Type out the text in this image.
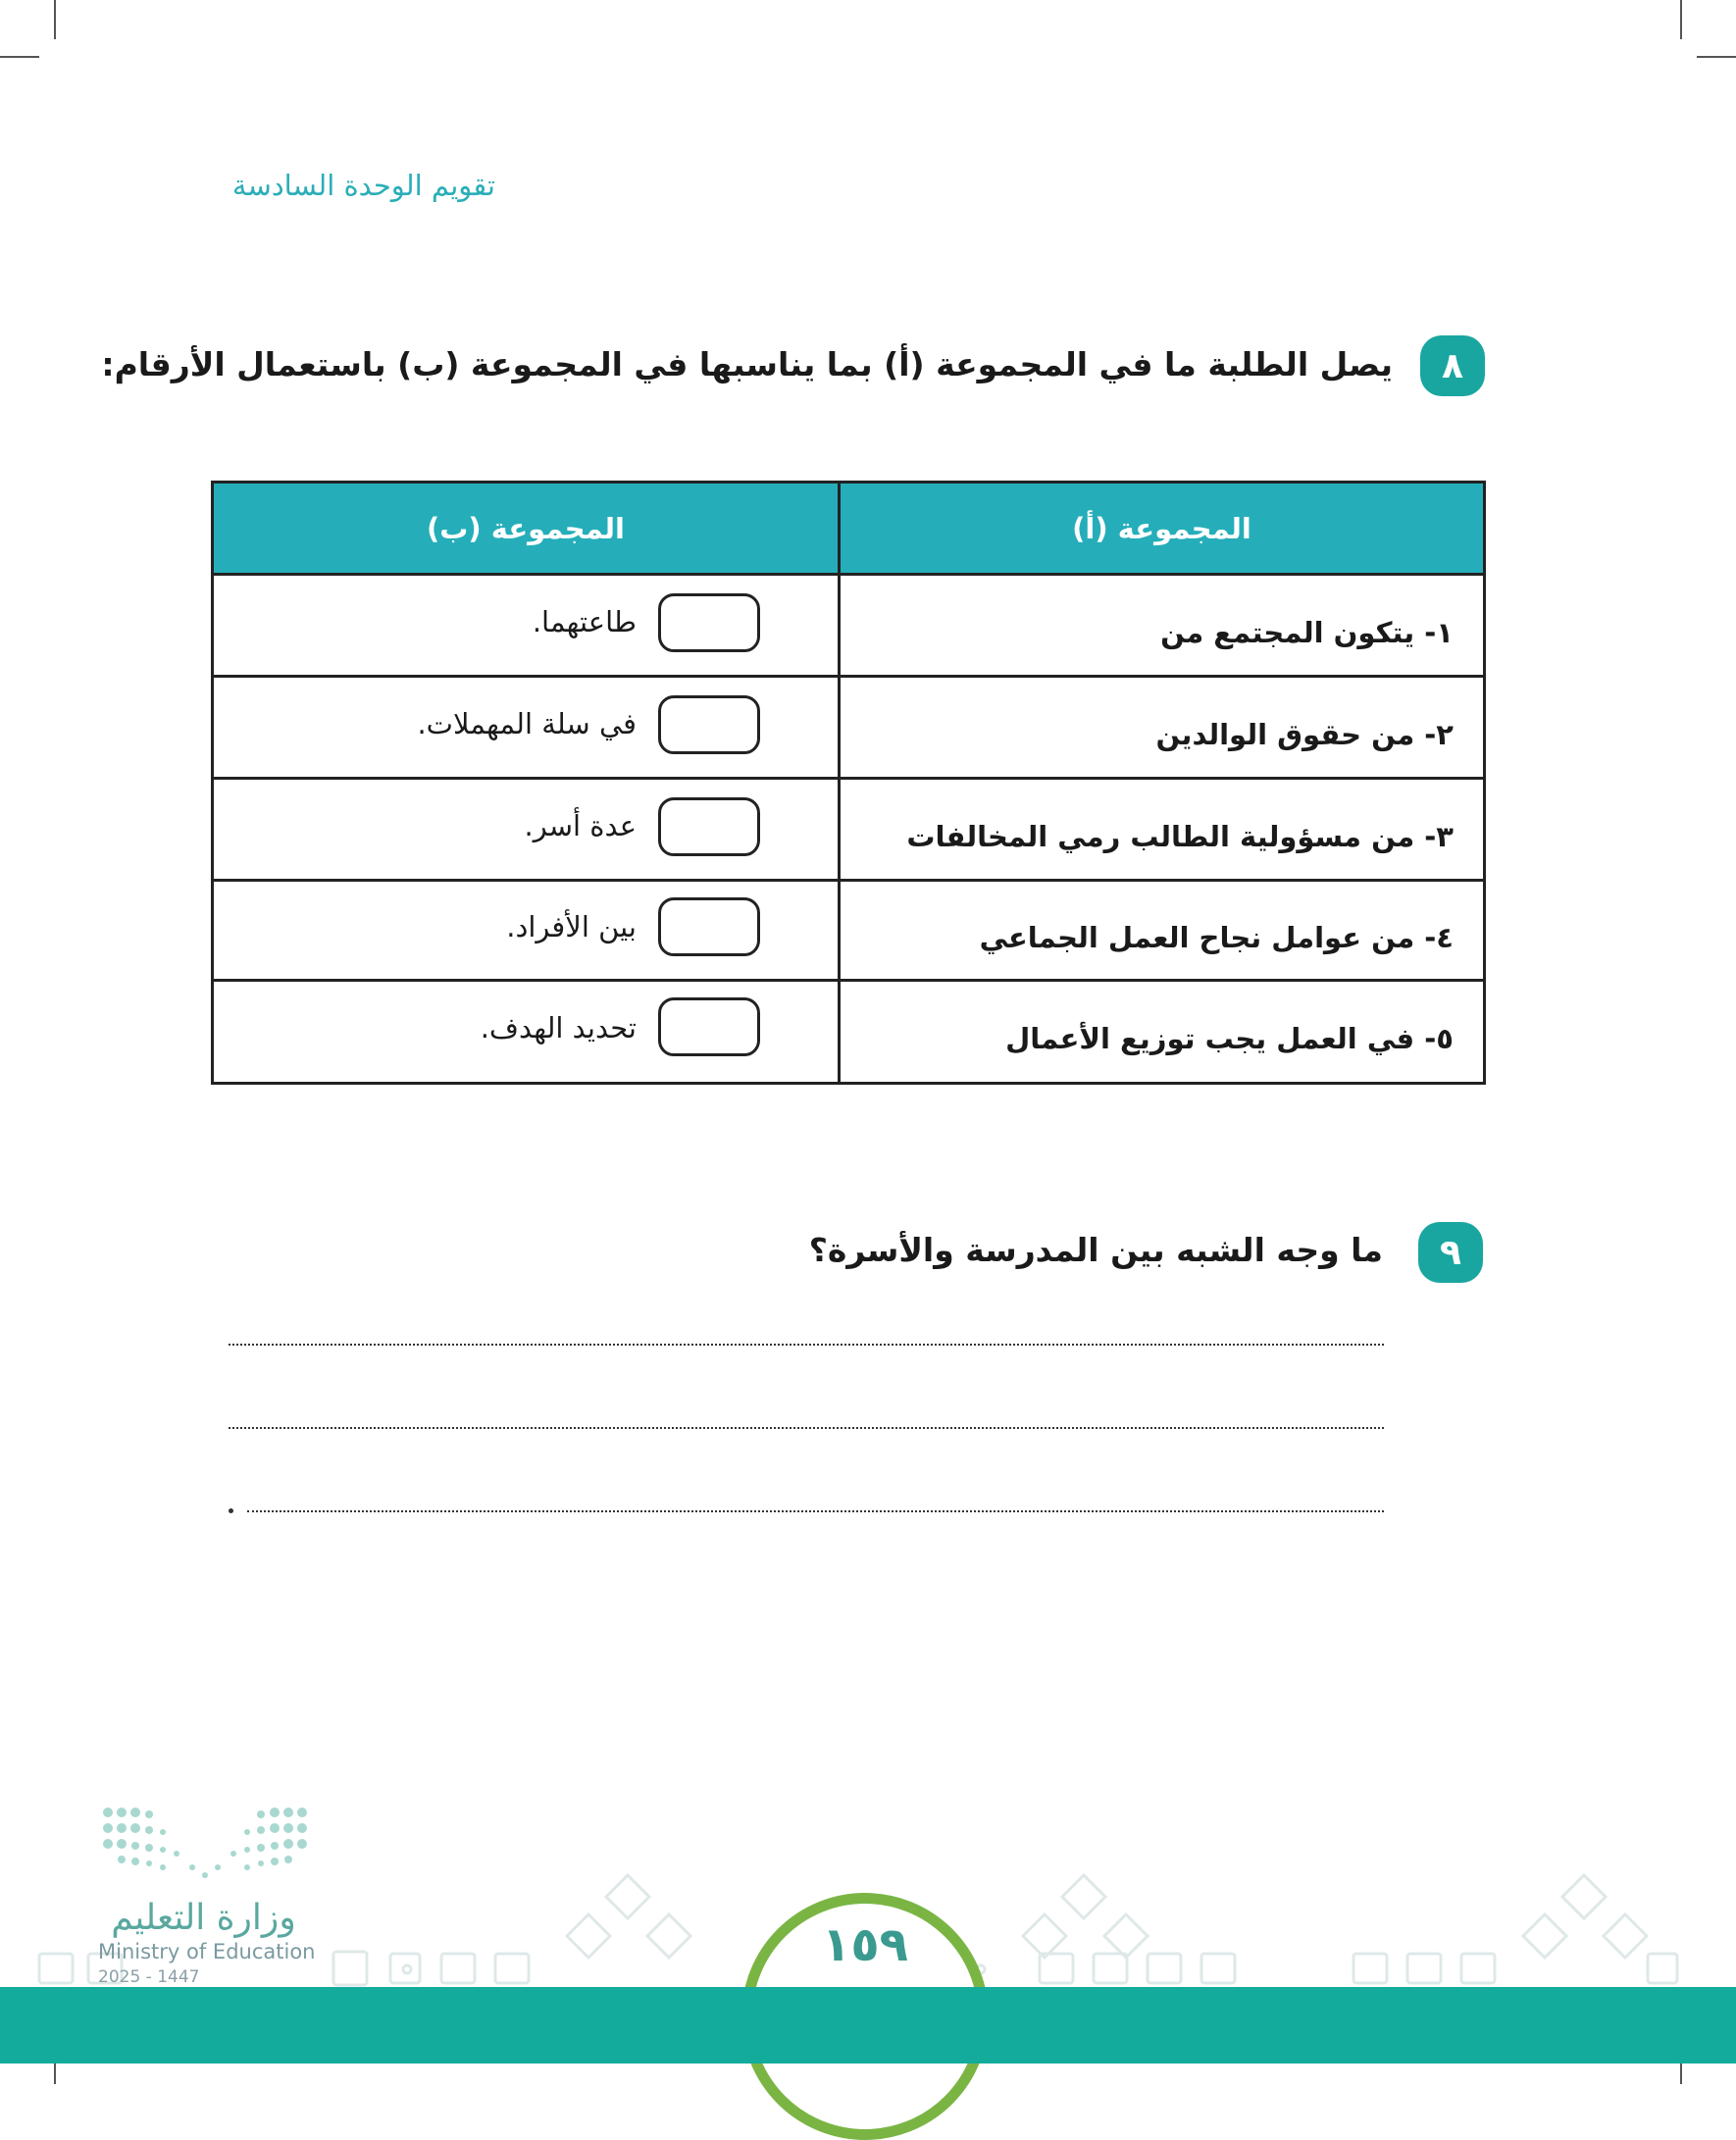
تقويم الوحدة السادسة
٨
يصل الطلبة ما في المجموعة (أ) بما يناسبها في المجموعة (ب) باستعمال الأرقام:
المجموعة (ب)	المجموعة (أ)
طاعتهما.	١- يتكون المجتمع من
في سلة المهملات.	٢- من حقوق الوالدين
عدة أسر.	٣- من مسؤولية الطالب رمي المخالفات
بين الأفراد.	٤- من عوامل نجاح العمل الجماعي
تحديد الهدف.	٥- في العمل يجب توزيع الأعمال
٩
ما وجه الشبه بين المدرسة والأسرة؟
١٥٩
وزارة التعليم
Ministry of Education
2025 - 1447
